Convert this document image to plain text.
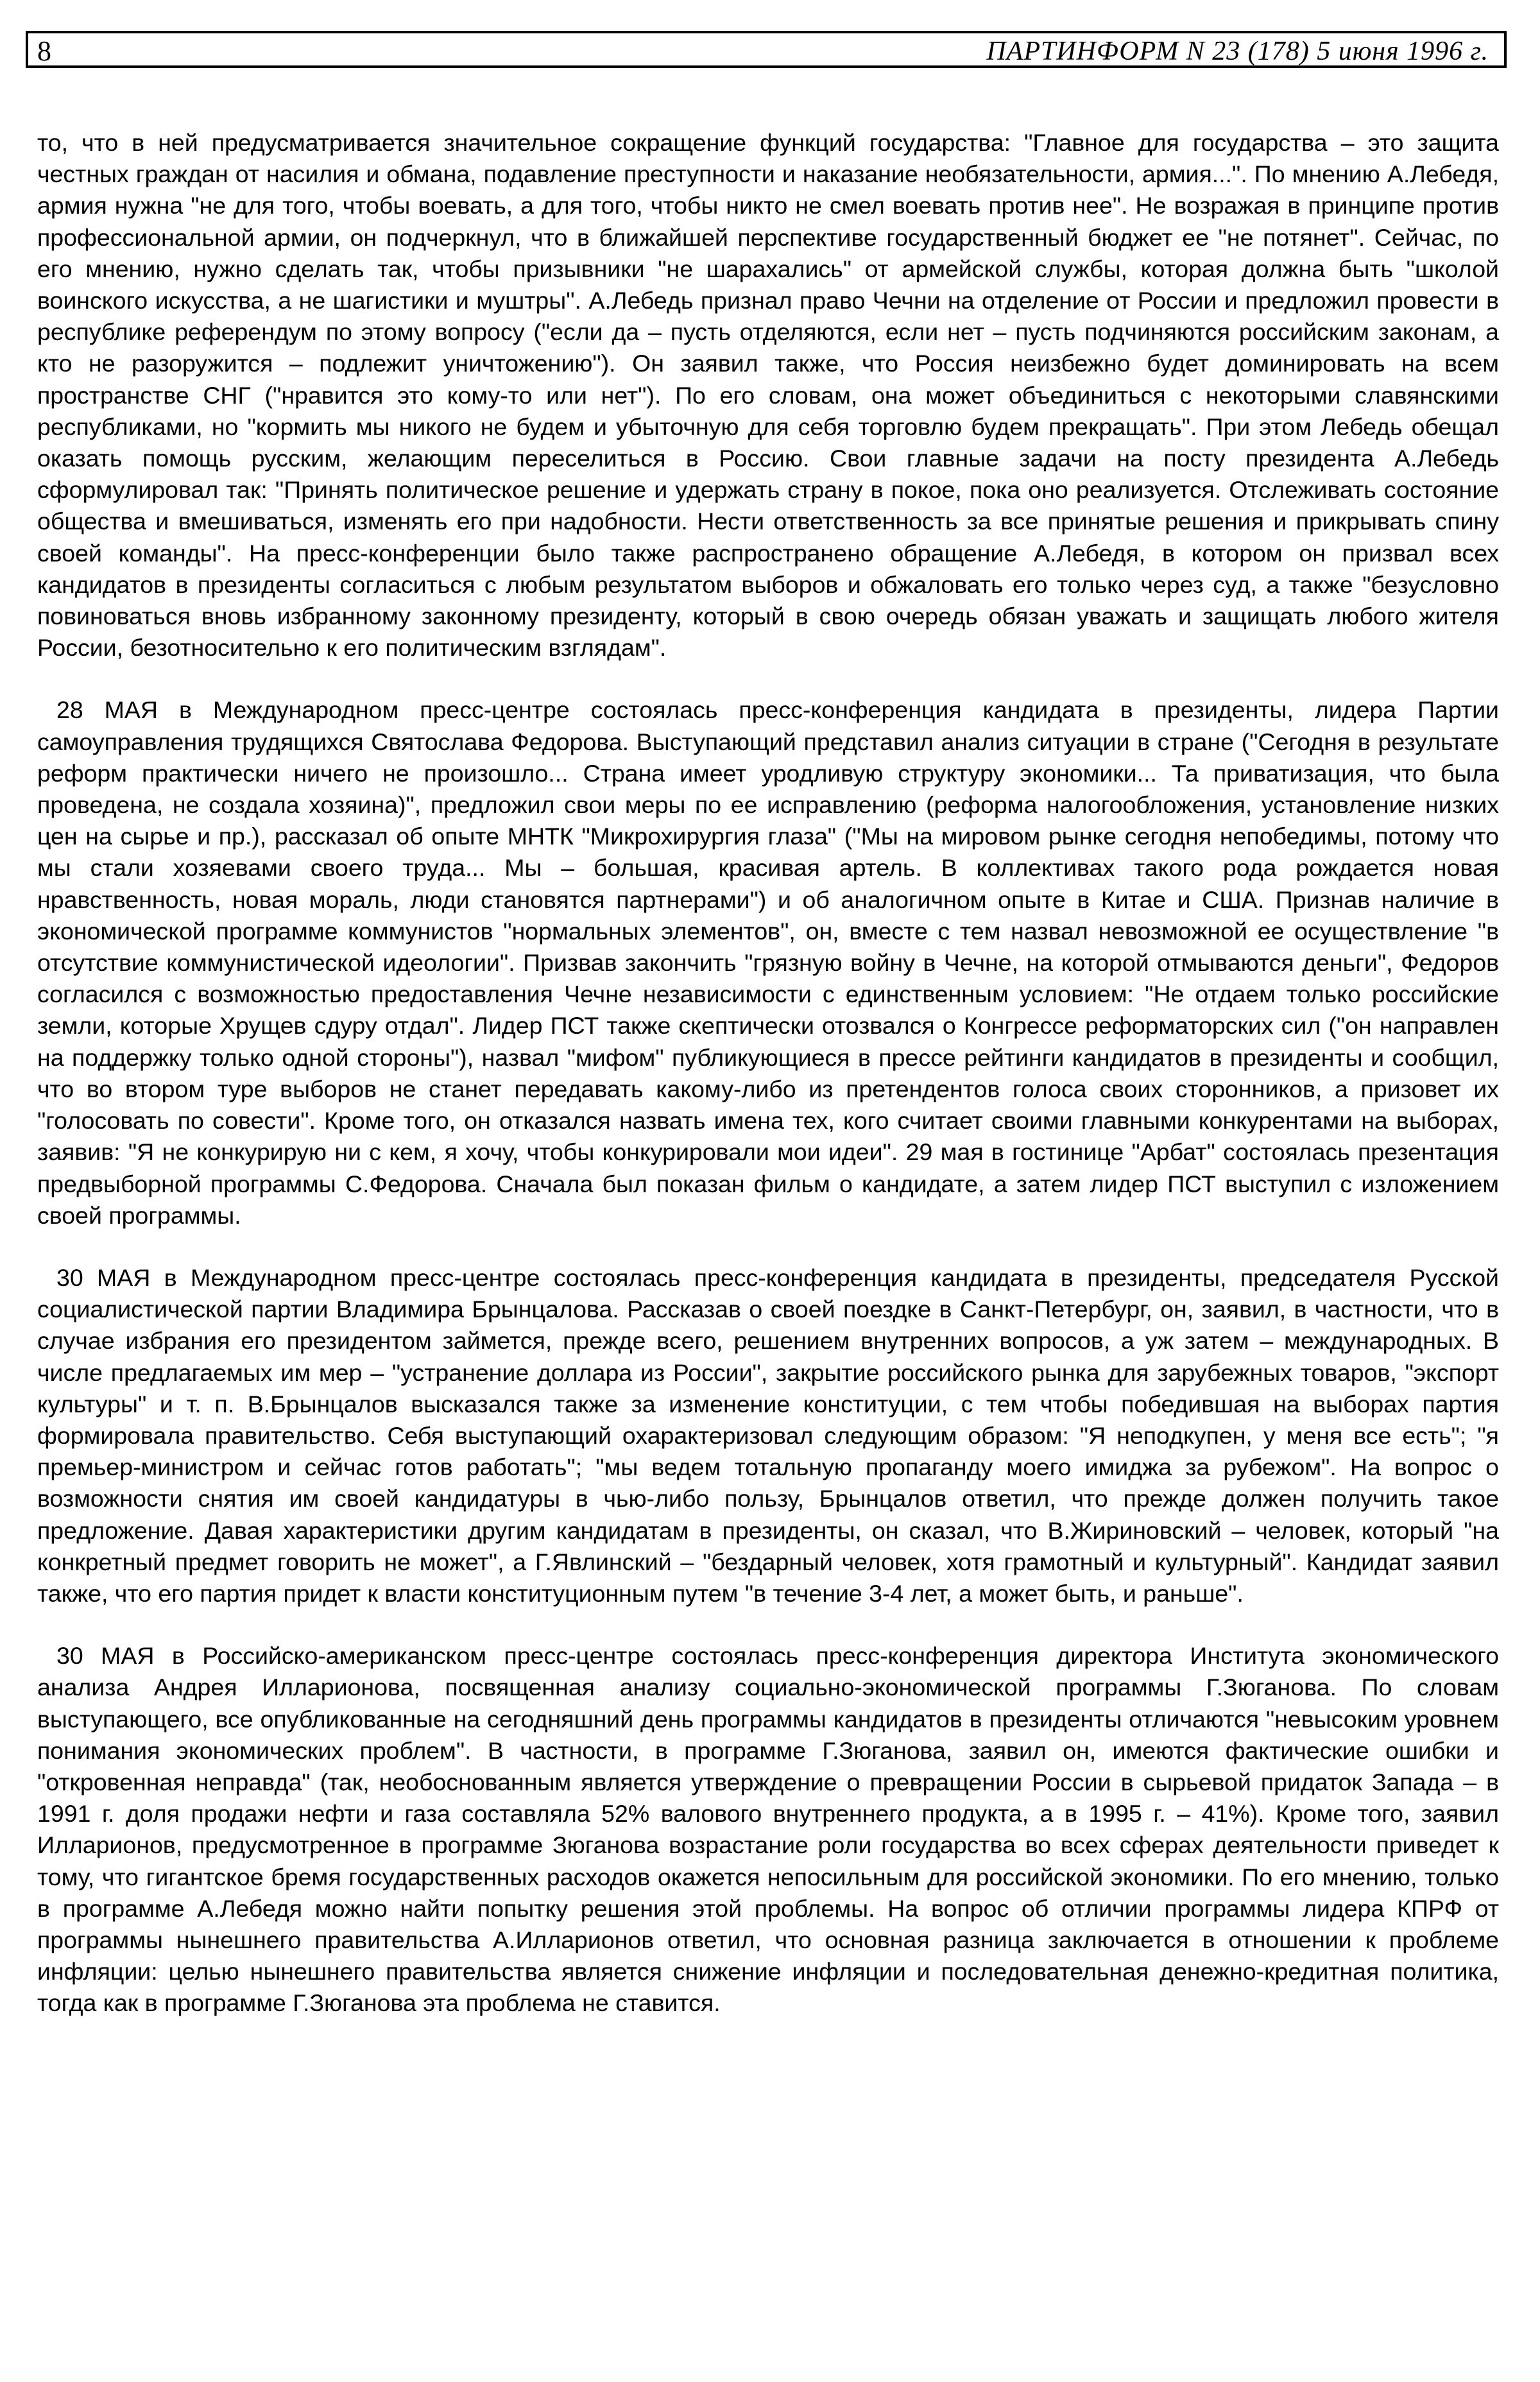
8	ПАРТИНФОРМ N 23 (178) 5 июня 1996 г.

то, что в ней предусматривается значительное сокращение функций государства: "Главное для государства – это защита честных граждан от насилия и обмана, подавление преступности и наказание необязательности, армия...". По мнению А.Лебедя, армия нужна "не для того, чтобы воевать, а для того, чтобы никто не смел воевать против нее". Не возражая в принципе против профессиональной армии, он подчеркнул, что в ближайшей перспективе государственный бюджет ее "не потянет". Сейчас, по его мнению, нужно сделать так, чтобы призывники "не шарахались" от армейской службы, которая должна быть "школой воинского искусства, а не шагистики и муштры". А.Лебедь признал право Чечни на отделение от России и предложил провести в республике референдум по этому вопросу ("если да – пусть отделяются, если нет – пусть подчиняются российским законам, а кто не разоружится – подлежит уничтожению"). Он заявил также, что Россия неизбежно будет доминировать на всем пространстве СНГ ("нравится это кому-то или нет"). По его словам, она может объединиться с некоторыми славянскими республиками, но "кормить мы никого не будем и убыточную для себя торговлю будем прекращать". При этом Лебедь обещал оказать помощь русским, желающим переселиться в Россию. Свои главные задачи на посту президента А.Лебедь сформулировал так: "Принять политическое решение и удержать страну в покое, пока оно реализуется. Отслеживать состояние общества и вмешиваться, изменять его при надобности. Нести ответственность за все принятые решения и прикрывать спину своей команды". На пресс-конференции было также распространено обращение А.Лебедя, в котором он призвал всех кандидатов в президенты согласиться с любым результатом выборов и обжаловать его только через суд, а также "безусловно повиноваться вновь избранному законному президенту, который в свою очередь обязан уважать и защищать любого жителя России, безотносительно к его политическим взглядам".

28 МАЯ в Международном пресс-центре состоялась пресс-конференция кандидата в президенты, лидера Партии самоуправления трудящихся Святослава Федорова. Выступающий представил анализ ситуации в стране ("Сегодня в результате реформ практически ничего не произошло... Страна имеет уродливую структуру экономики... Та приватизация, что была проведена, не создала хозяина)", предложил свои меры по ее исправлению (реформа налогообложения, установление низких цен на сырье и пр.), рассказал об опыте МНТК "Микрохирургия глаза" ("Мы на мировом рынке сегодня непобедимы, потому что мы стали хозяевами своего труда... Мы – большая, красивая артель. В коллективах такого рода рождается новая нравственность, новая мораль, люди становятся партнерами") и об аналогичном опыте в Китае и США. Признав наличие в экономической программе коммунистов "нормальных элементов", он, вместе с тем назвал невозможной ее осуществление "в отсутствие коммунистической идеологии". Призвав закончить "грязную войну в Чечне, на которой отмываются деньги", Федоров согласился с возможностью предоставления Чечне независимости с единственным условием: "Не отдаем только российские земли, которые Хрущев сдуру отдал". Лидер ПСТ также скептически отозвался о Конгрессе реформаторских сил ("он направлен на поддержку только одной стороны"), назвал "мифом" публикующиеся в прессе рейтинги кандидатов в президенты и сообщил, что во втором туре выборов не станет передавать какому-либо из претендентов голоса своих сторонников, а призовет их "голосовать по совести". Кроме того, он отказался назвать имена тех, кого считает своими главными конкурентами на выборах, заявив: "Я не конкурирую ни с кем, я хочу, чтобы конкурировали мои идеи". 29 мая в гостинице "Арбат" состоялась презентация предвыборной программы С.Федорова. Сначала был показан фильм о кандидате, а затем лидер ПСТ выступил с изложением своей программы.

30 МАЯ в Международном пресс-центре состоялась пресс-конференция кандидата в президенты, председателя Русской социалистической партии Владимира Брынцалова. Рассказав о своей поездке в Санкт-Петербург, он, заявил, в частности, что в случае избрания его президентом займется, прежде всего, решением внутренних вопросов, а уж затем – международных. В числе предлагаемых им мер – "устранение доллара из России", закрытие российского рынка для зарубежных товаров, "экспорт культуры" и т. п. В.Брынцалов высказался также за изменение конституции, с тем чтобы победившая на выборах партия формировала правительство. Себя выступающий охарактеризовал следующим образом: "Я неподкупен, у меня все есть"; "я премьер-министром и сейчас готов работать"; "мы ведем тотальную пропаганду моего имиджа за рубежом". На вопрос о возможности снятия им своей кандидатуры в чью-либо пользу, Брынцалов ответил, что прежде должен получить такое предложение. Давая характеристики другим кандидатам в президенты, он сказал, что В.Жириновский – человек, который "на конкретный предмет говорить не может", а Г.Явлинский – "бездарный человек, хотя грамотный и культурный". Кандидат заявил также, что его партия придет к власти конституционным путем "в течение 3-4 лет, а может быть, и раньше".

30 МАЯ в Российско-американском пресс-центре состоялась пресс-конференция директора Института экономического анализа Андрея Илларионова, посвященная анализу социально-экономической программы Г.Зюганова. По словам выступающего, все опубликованные на сегодняшний день программы кандидатов в президенты отличаются "невысоким уровнем понимания экономических проблем". В частности, в программе Г.Зюганова, заявил он, имеются фактические ошибки и "откровенная неправда" (так, необоснованным является утверждение о превращении России в сырьевой придаток Запада – в 1991 г. доля продажи нефти и газа составляла 52% валового внутреннего продукта, а в 1995 г. – 41%). Кроме того, заявил Илларионов, предусмотренное в программе Зюганова возрастание роли государства во всех сферах деятельности приведет к тому, что гигантское бремя государственных расходов окажется непосильным для российской экономики. По его мнению, только в программе А.Лебедя можно найти попытку решения этой проблемы. На вопрос об отличии программы лидера КПРФ от программы нынешнего правительства А.Илларионов ответил, что основная разница заключается в отношении к проблеме инфляции: целью нынешнего правительства является снижение инфляции и последовательная денежно-кредитная политика, тогда как в программе Г.Зюганова эта проблема не ставится.
